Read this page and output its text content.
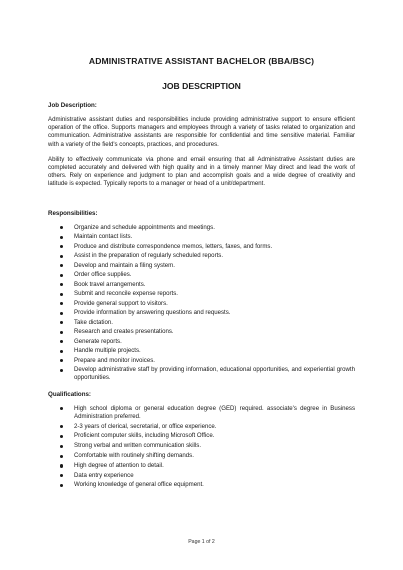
ADMINISTRATIVE ASSISTANT BACHELOR (BBA/BSC)
JOB DESCRIPTION
Job Description:

Administrative assistant duties and responsibilities include providing administrative support to ensure efficient operation of the office. Supports managers and employees through a variety of tasks related to organization and communication. Administrative assistants are responsible for confidential and time sensitive material. Familiar with a variety of the field's concepts, practices, and procedures.

Ability to effectively communicate via phone and email ensuring that all Administrative Assistant duties are completed accurately and delivered with high quality and in a timely manner May direct and lead the work of others. Rely on experience and judgment to plan and accomplish goals and a wide degree of creativity and latitude is expected. Typically reports to a manager or head of a unit/department.

Responsibilities:
Organize and schedule appointments and meetings.
Maintain contact lists.
Produce and distribute correspondence memos, letters, faxes, and forms.
Assist in the preparation of regularly scheduled reports.
Develop and maintain a filing system.
Order office supplies.
Book travel arrangements.
Submit and reconcile expense reports.
Provide general support to visitors.
Provide information by answering questions and requests.
Take dictation.
Research and creates presentations.
Generate reports.
Handle multiple projects.
Prepare and monitor invoices.
Develop administrative staff by providing information, educational opportunities, and experiential growth opportunities.
Qualifications:
High school diploma or general education degree (GED) required. associate's degree in Business Administration preferred.
2-3 years of clerical, secretarial, or office experience.
Proficient computer skills, including Microsoft Office.
Strong verbal and written communication skills.
Comfortable with routinely shifting demands.
High degree of attention to detail.
Data entry experience
Working knowledge of general office equipment.
Page 1 of 2
